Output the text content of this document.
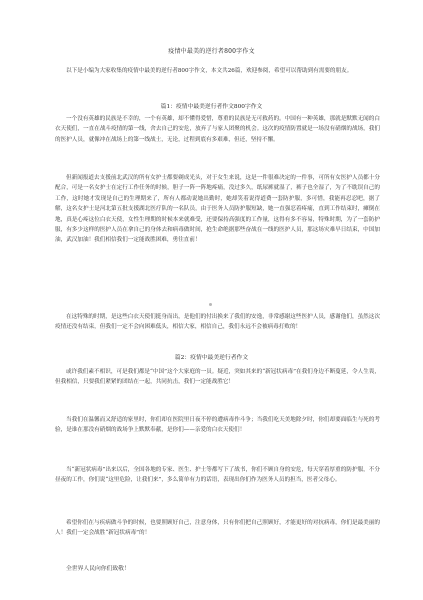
疫情中最美的逆行者800字作文
以下是小编为大家收集的疫情中最美的逆行者800字作文，本文共26篇，欢迎参阅，希望可以帮助到有需要的朋友。
篇1：疫情中最美逆行者作文800字作文
一个没有英雄的民族是不幸的，一个有英雄，却不懂得爱惜，尊重的民族是无可救药的。中国有一种英雄，那就是默默无闻的白衣天使们，一直在战斗疫情的第一线，舍去自己的安危，放弃了与家人团聚的机会。这次的疫情防置就是一场没有硝烟的战场，我们的医护人员，就像冲在战场上的第一线战士，无论，过程到底有多艰难，但还，坚持不懈。
但新闻报道去支援前北武汉的所有女护士都要剃成光头，对于女生来说，这是一件很难决定的一件事，可所有女医护人员都十分配合，可是一名女护士在定行工作任务的时候，胆子一阵一阵地疼痛，没过多久，纸尿裤就湿了，裤子也全湿了，为了不耽误自己的工作，这时她才发现是自己的生理期来了，所有人都动说她出勤时，她却笑着说得道费一套防护服，多可惜，我能再忍忍吧，据了解，这名女护士是河北第五批支援湖北医疗队的一名队员，由于医务人员防护服短缺，她一直强忍着疼痛，直到工作结束时，瘫倒在地，真是心疼这位白衣天使，女性生理期的时候本来就难受，还要保持高强度的工作量，这得有多不容易，特殊时期，为了一套防护服，有多少这样的医护人员在拿自己的身体去和病毒做时间，抢生命绝据那些奋战在一线的医护人员，那这场灾难早日结束，中国加油，武汉加油！我们相信我们一定能战胜困难，勇往直前！
在这特殊的时期，是这些白衣天使们挺身而出，是他们的付出换来了我们的安逸，非常感谢这些医护人员，感谢他们，虽然这次疫情还没有结束，但我们一定不会向困难低头，相信大家，相信自己，我们永远不会被病毒打败的！
篇2：疫情中最美逆行者作文
或许我们素不相识，可是我们都是“中国”这个大家庭的一员。疑近，突如其来的“新冠状病毒”在我们身边不断蔓延，令人生畏，但我相信，只要我们紧紧的团结在一起，共同抗击，我们一定能战胜它！
当我们在温馨而又舒适的家里时，你们却在医院里日夜不停的遭病毒作斗争；当我们吃天美地除夕时，你们却要面临生与死的考验，是谁在那没有硝烟的战场争上默默奉献，是你们——亲爱的白衣天使们！
当“新冠状病毒”出来以后，全国各地的专家、医生、护士等都写下了战书，你们不顾自身的安危，每天穿着厚重的防护服，不分昼夜的工作，你们说“这里危险，让我们来”，多么简单有力的话语，表现出你们作为医务人员的担当，医者父母心。
希望你们在与疾病做斗争的时候，也要照顾好自己，注意身体，只有你们把自己照顾好，才能更好的对抗病毒，你们是最美丽的人！我们一定会战胜“新冠状病毒”的！
全世界人民向你们致敬！
